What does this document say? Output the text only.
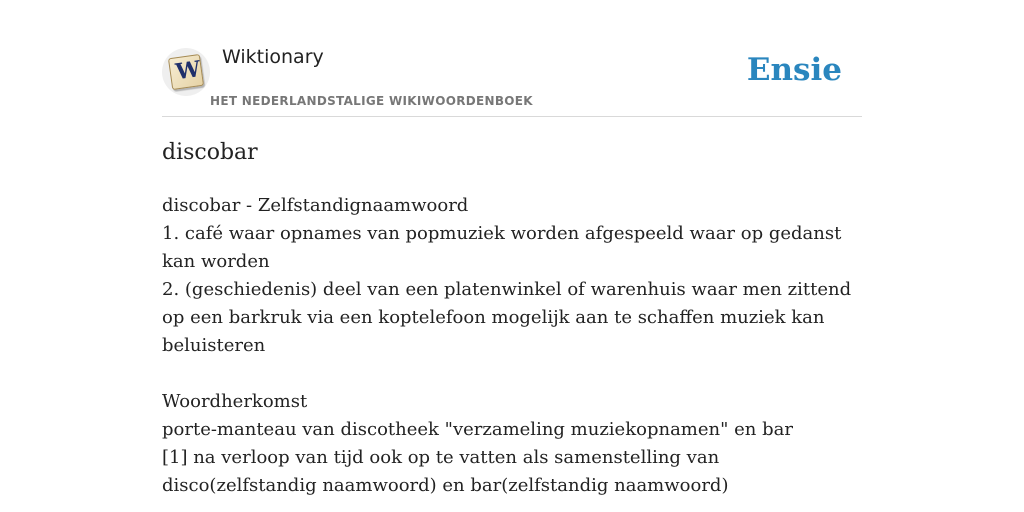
W Wiktionary
HET NEDERLANDSTALIGE WIKIWOORDENBOEK
Ensie
discobar

discobar - Zelfstandignaamwoord

1. café waar opnames van popmuziek worden afgespeeld waar op gedanst kan worden

2. (geschiedenis) deel van een platenwinkel of warenhuis waar men zittend op een barkruk via een koptelefoon mogelijk aan te schaffen muziek kan beluisteren

Woordherkomst

porte-manteau van discotheek "verzameling muziekopnamen" en bar

[1] na verloop van tijd ook op te vatten als samenstelling van disco(zelfstandig naamwoord) en bar(zelfstandig naamwoord)
